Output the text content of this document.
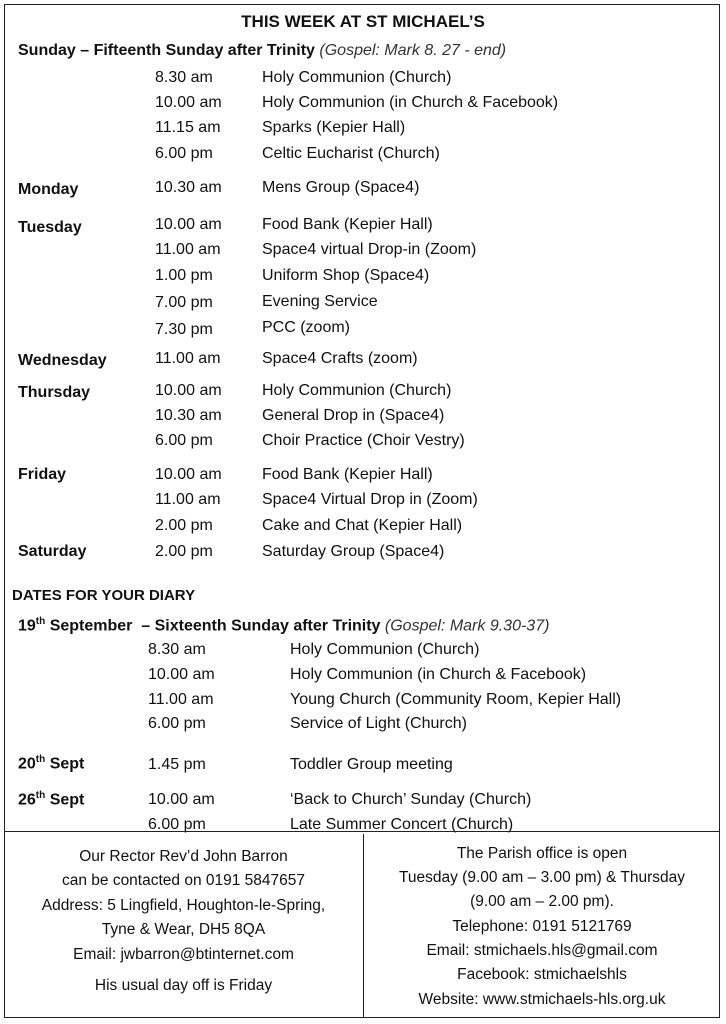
THIS WEEK AT ST MICHAEL’S
Sunday – Fifteenth Sunday after Trinity (Gospel: Mark 8. 27 - end)
8.30 am	Holy Communion (Church)
10.00 am	Holy Communion (in Church & Facebook)
11.15 am	Sparks (Kepier Hall)
6.00 pm	Celtic Eucharist (Church)
Monday	10.30 am	Mens Group (Space4)
Tuesday	10.00 am	Food Bank (Kepier Hall)
11.00 am	Space4 virtual Drop-in (Zoom)
1.00 pm	Uniform Shop (Space4)
7.00 pm	Evening Service
7.30 pm	PCC (zoom)
Wednesday	11.00 am	Space4 Crafts (zoom)
Thursday	10.00 am	Holy Communion (Church)
10.30 am	General Drop in (Space4)
6.00 pm	Choir Practice (Choir Vestry)
Friday	10.00 am	Food Bank (Kepier Hall)
11.00 am	Space4 Virtual Drop in (Zoom)
2.00 pm	Cake and Chat (Kepier Hall)
Saturday	2.00 pm	Saturday Group (Space4)
DATES FOR YOUR DIARY
19th September – Sixteenth Sunday after Trinity (Gospel: Mark 9.30-37)
8.30 am	Holy Communion (Church)
10.00 am	Holy Communion (in Church & Facebook)
11.00 am	Young Church (Community Room, Kepier Hall)
6.00 pm	Service of Light (Church)
20th Sept	1.45 pm	Toddler Group meeting
26th Sept	10.00 am	‘Back to Church’ Sunday (Church)
6.00 pm	Late Summer Concert (Church)
Our Rector Rev’d John Barron
can be contacted on 0191 5847657
Address: 5 Lingfield, Houghton-le-Spring,
Tyne & Wear, DH5 8QA
Email: jwbarron@btinternet.com
His usual day off is Friday
The Parish office is open
Tuesday (9.00 am – 3.00 pm) & Thursday
(9.00 am – 2.00 pm).
Telephone: 0191 5121769
Email: stmichaels.hls@gmail.com
Facebook: stmichaelshls
Website: www.stmichaels-hls.org.uk
